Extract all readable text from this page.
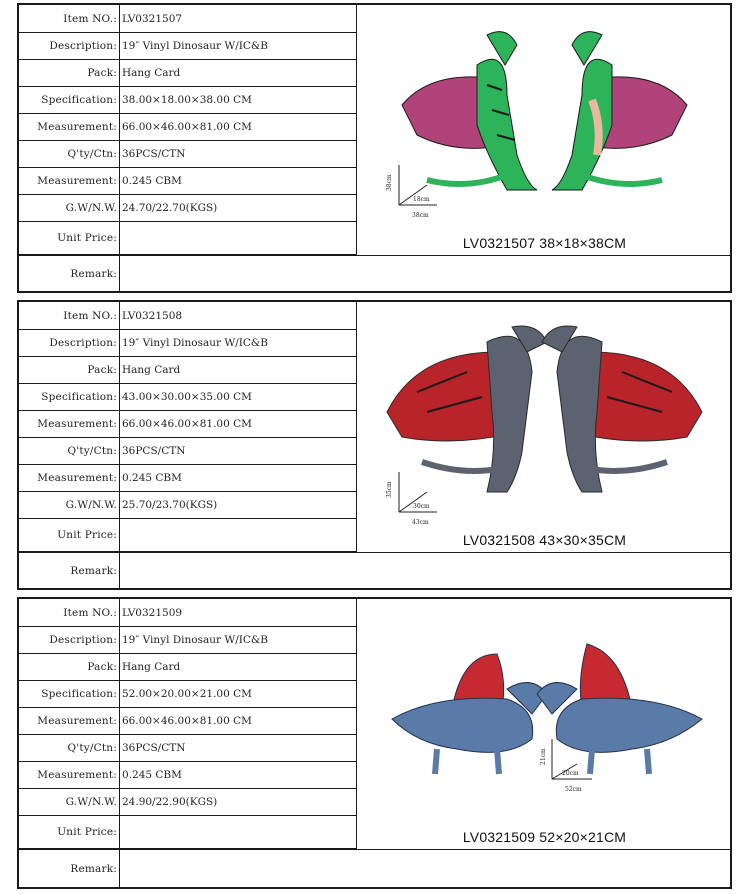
Item NO.: LV0321507
Description: 19″ Vinyl Dinosaur W/IC&B
Pack: Hang Card
Specification: 38.00×18.00×38.00 CM
Measurement: 66.00×46.00×81.00 CM
Q'ty/Ctn: 36PCS/CTN
Measurement: 0.245 CBM
G.W/N.W. 24.70/22.70(KGS)
Unit Price:
Remark:
38cm
18cm
38cm
LV0321507 38×18×38CM
Item NO.: LV0321508
Description: 19″ Vinyl Dinosaur W/IC&B
Pack: Hang Card
Specification: 43.00×30.00×35.00 CM
Measurement: 66.00×46.00×81.00 CM
Q'ty/Ctn: 36PCS/CTN
Measurement: 0.245 CBM
G.W/N.W. 25.70/23.70(KGS)
Unit Price:
Remark:
35cm
30cm
43cm
LV0321508 43×30×35CM
Item NO.: LV0321509
Description: 19″ Vinyl Dinosaur W/IC&B
Pack: Hang Card
Specification: 52.00×20.00×21.00 CM
Measurement: 66.00×46.00×81.00 CM
Q'ty/Ctn: 36PCS/CTN
Measurement: 0.245 CBM
G.W/N.W. 24.90/22.90(KGS)
Unit Price:
Remark:
21cm
20cm
52cm
LV0321509 52×20×21CM
